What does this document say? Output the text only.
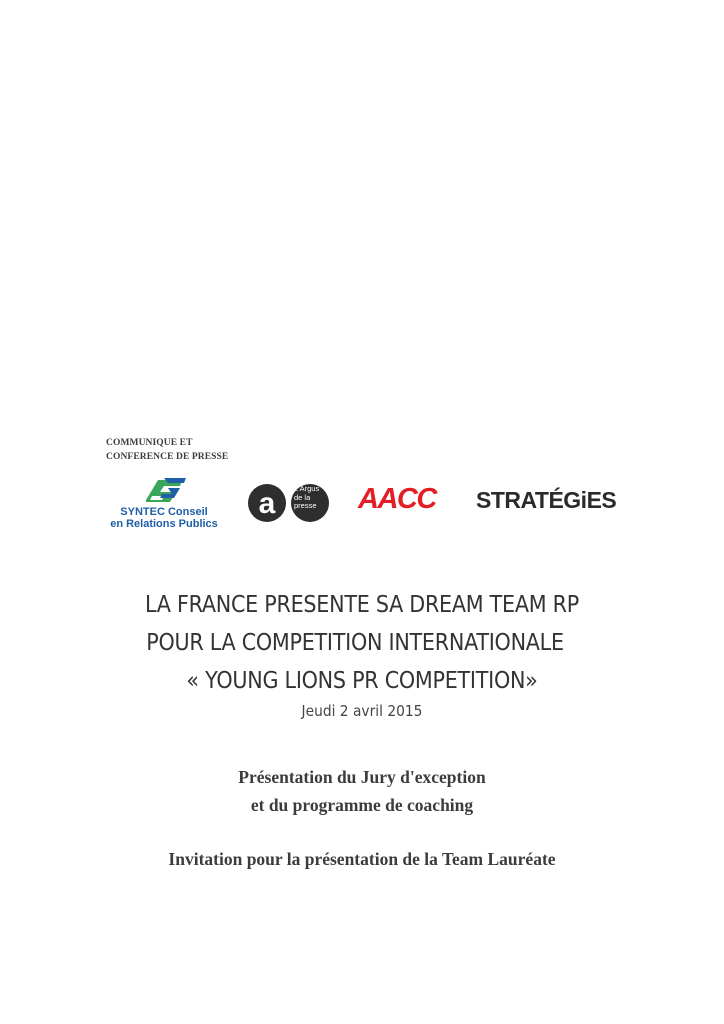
COMMUNIQUE ET
CONFERENCE DE PRESSE
SYNTEC Conseil
en Relations Publics
a L'Argus
de la
presse	AACC STRATÉGiES
LA FRANCE PRESENTE SA DREAM TEAM RP
POUR LA COMPETITION INTERNATIONALE
« YOUNG LIONS PR COMPETITION»
Jeudi 2 avril 2015
Présentation du Jury d'exception
et du programme de coaching
Invitation pour la présentation de la Team Lauréate
